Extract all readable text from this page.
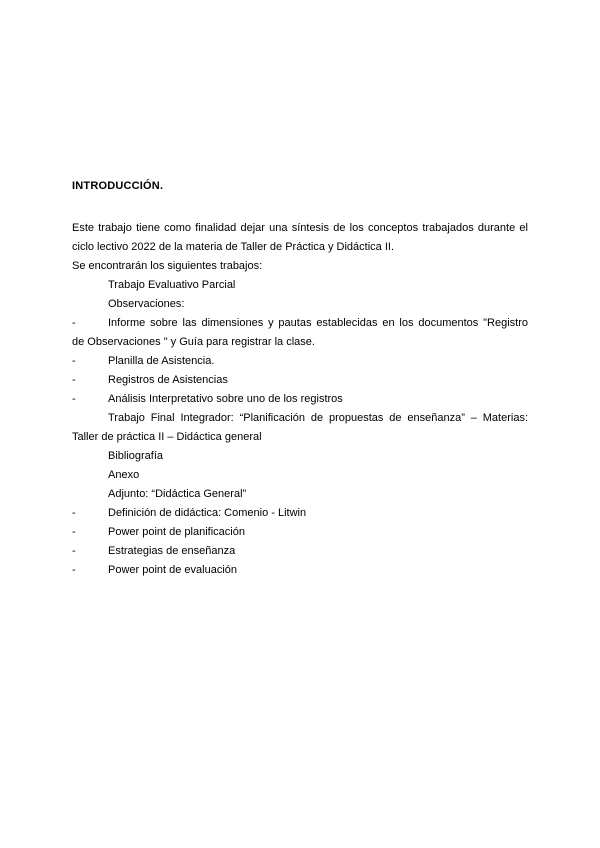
INTRODUCCIÓN.
Este trabajo tiene como finalidad dejar una síntesis de los conceptos trabajados durante el
ciclo lectivo 2022 de la materia de Taller de Práctica y Didáctica II.
Se encontrarán los siguientes trabajos:
Trabajo Evaluativo Parcial
Observaciones:
-	Informe sobre las dimensiones y pautas establecidas en los documentos "Registro
de Observaciones " y Guía para registrar la clase.
-	Planilla de Asistencia.
-	Registros de Asistencias
-	Análisis Interpretativo sobre uno de los registros
Trabajo Final Integrador: “Planificación de propuestas de enseñanza” – Materias:
Taller de práctica II – Didáctica general
Bibliografía
Anexo
Adjunto: “Didáctica General”
-	Definición de didáctica: Comenio - Litwin
-	Power point de planificación
-	Estrategias de enseñanza
-	Power point de evaluación
